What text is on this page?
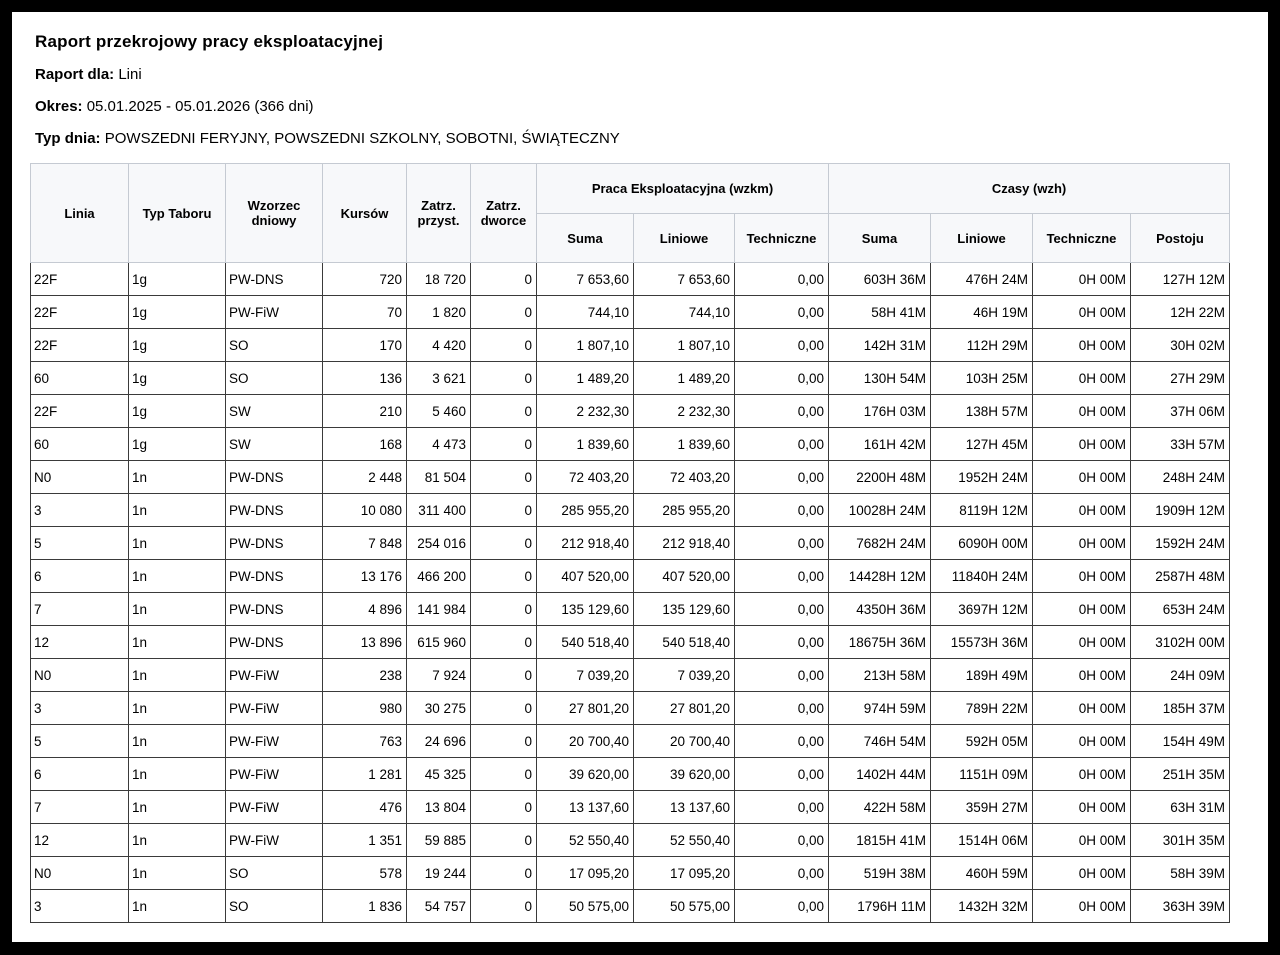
Raport przekrojowy pracy eksploatacyjnej
Raport dla: Lini
Okres: 05.01.2025 - 05.01.2026 (366 dni)
Typ dnia: POWSZEDNI FERYJNY, POWSZEDNI SZKOLNY, SOBOTNI, ŚWIĄTECZNY
Linia	Typ Taboru	Wzorzec dniowy	Kursów	Zatrz. przyst.	Zatrz. dworce	Praca Eksploatacyjna (wzkm)			Czasy (wzh)			
						Suma	Liniowe	Techniczne	Suma	Liniowe	Techniczne	Postoju
22F	1g	PW-DNS	720	18 720	0	7 653,60	7 653,60	0,00	603H 36M	476H 24M	0H 00M	127H 12M
22F	1g	PW-FiW	70	1 820	0	744,10	744,10	0,00	58H 41M	46H 19M	0H 00M	12H 22M
22F	1g	SO	170	4 420	0	1 807,10	1 807,10	0,00	142H 31M	112H 29M	0H 00M	30H 02M
60	1g	SO	136	3 621	0	1 489,20	1 489,20	0,00	130H 54M	103H 25M	0H 00M	27H 29M
22F	1g	SW	210	5 460	0	2 232,30	2 232,30	0,00	176H 03M	138H 57M	0H 00M	37H 06M
60	1g	SW	168	4 473	0	1 839,60	1 839,60	0,00	161H 42M	127H 45M	0H 00M	33H 57M
N0	1n	PW-DNS	2 448	81 504	0	72 403,20	72 403,20	0,00	2200H 48M	1952H 24M	0H 00M	248H 24M
3	1n	PW-DNS	10 080	311 400	0	285 955,20	285 955,20	0,00	10028H 24M	8119H 12M	0H 00M	1909H 12M
5	1n	PW-DNS	7 848	254 016	0	212 918,40	212 918,40	0,00	7682H 24M	6090H 00M	0H 00M	1592H 24M
6	1n	PW-DNS	13 176	466 200	0	407 520,00	407 520,00	0,00	14428H 12M	11840H 24M	0H 00M	2587H 48M
7	1n	PW-DNS	4 896	141 984	0	135 129,60	135 129,60	0,00	4350H 36M	3697H 12M	0H 00M	653H 24M
12	1n	PW-DNS	13 896	615 960	0	540 518,40	540 518,40	0,00	18675H 36M	15573H 36M	0H 00M	3102H 00M
N0	1n	PW-FiW	238	7 924	0	7 039,20	7 039,20	0,00	213H 58M	189H 49M	0H 00M	24H 09M
3	1n	PW-FiW	980	30 275	0	27 801,20	27 801,20	0,00	974H 59M	789H 22M	0H 00M	185H 37M
5	1n	PW-FiW	763	24 696	0	20 700,40	20 700,40	0,00	746H 54M	592H 05M	0H 00M	154H 49M
6	1n	PW-FiW	1 281	45 325	0	39 620,00	39 620,00	0,00	1402H 44M	1151H 09M	0H 00M	251H 35M
7	1n	PW-FiW	476	13 804	0	13 137,60	13 137,60	0,00	422H 58M	359H 27M	0H 00M	63H 31M
12	1n	PW-FiW	1 351	59 885	0	52 550,40	52 550,40	0,00	1815H 41M	1514H 06M	0H 00M	301H 35M
N0	1n	SO	578	19 244	0	17 095,20	17 095,20	0,00	519H 38M	460H 59M	0H 00M	58H 39M
3	1n	SO	1 836	54 757	0	50 575,00	50 575,00	0,00	1796H 11M	1432H 32M	0H 00M	363H 39M
